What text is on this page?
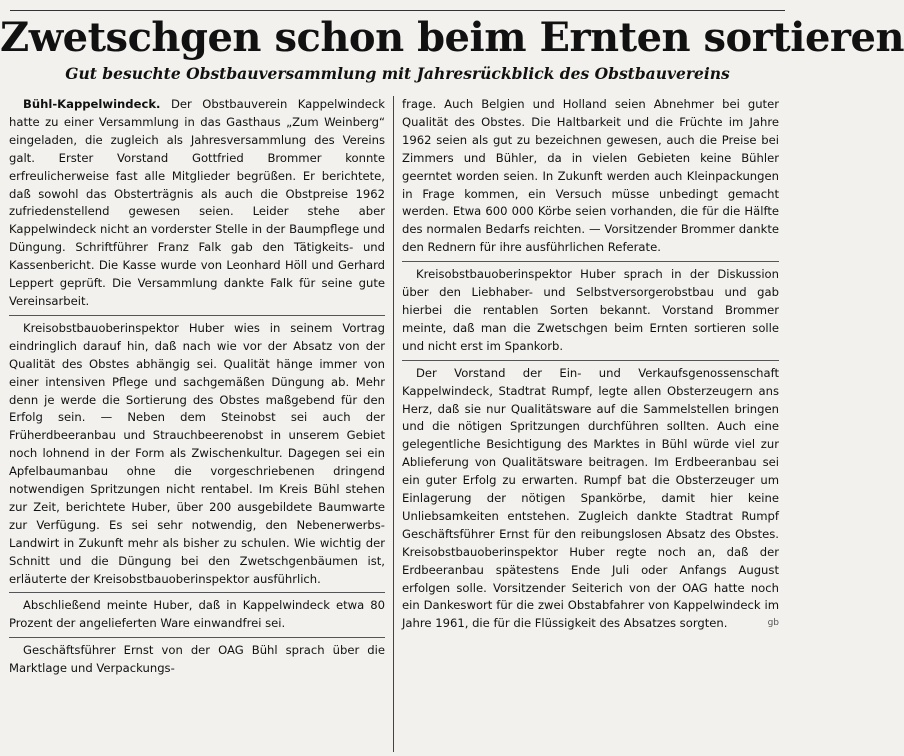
Zwetschgen schon beim Ernten sortieren
Gut besuchte Obstbauversammlung mit Jahresrückblick des Obstbauvereins

Bühl-Kappelwindeck. Der Obstbauverein Kappelwindeck hatte zu einer Versammlung in das Gasthaus „Zum Weinberg“ eingeladen, die zugleich als Jahresversammlung des Vereins galt. Erster Vorstand Gottfried Brommer konnte erfreulicherweise fast alle Mitglieder begrüßen. Er berichtete, daß sowohl das Obsterträgnis als auch die Obstpreise 1962 zufriedenstellend gewesen seien. Leider stehe aber Kappelwindeck nicht an vorderster Stelle in der Baumpflege und Düngung. Schriftführer Franz Falk gab den Tätigkeits- und Kassenbericht. Die Kasse wurde von Leonhard Höll und Gerhard Leppert geprüft. Die Versammlung dankte Falk für seine gute Vereinsarbeit.

Kreisobstbauoberinspektor Huber wies in seinem Vortrag eindringlich darauf hin, daß nach wie vor der Absatz von der Qualität des Obstes abhängig sei. Qualität hänge immer von einer intensiven Pflege und sachgemäßen Düngung ab. Mehr denn je werde die Sortierung des Obstes maßgebend für den Erfolg sein. — Neben dem Steinobst sei auch der Früherdbeeranbau und Strauchbeerenobst in unserem Gebiet noch lohnend in der Form als Zwischenkultur. Dagegen sei ein Apfelbaumanbau ohne die vorgeschriebenen dringend notwendigen Spritzungen nicht rentabel. Im Kreis Bühl stehen zur Zeit, berichtete Huber, über 200 ausgebildete Baumwarte zur Verfügung. Es sei sehr notwendig, den Nebenerwerbs-Landwirt in Zukunft mehr als bisher zu schulen. Wie wichtig der Schnitt und die Düngung bei den Zwetschgenbäumen ist, erläuterte der Kreisobstbauoberinspektor ausführlich.

Abschließend meinte Huber, daß in Kappelwindeck etwa 80 Prozent der angelieferten Ware einwandfrei sei.

Geschäftsführer Ernst von der OAG Bühl sprach über die Marktlage und Verpackungs-

frage. Auch Belgien und Holland seien Abnehmer bei guter Qualität des Obstes. Die Haltbarkeit und die Früchte im Jahre 1962 seien als gut zu bezeichnen gewesen, auch die Preise bei Zimmers und Bühler, da in vielen Gebieten keine Bühler geerntet worden seien. In Zukunft werden auch Kleinpackungen in Frage kommen, ein Versuch müsse unbedingt gemacht werden. Etwa 600 000 Körbe seien vorhanden, die für die Hälfte des normalen Bedarfs reichten. — Vorsitzender Brommer dankte den Rednern für ihre ausführlichen Referate.

Kreisobstbauoberinspektor Huber sprach in der Diskussion über den Liebhaber- und Selbstversorgerobstbau und gab hierbei die rentablen Sorten bekannt. Vorstand Brommer meinte, daß man die Zwetschgen beim Ernten sortieren solle und nicht erst im Spankorb.

Der Vorstand der Ein- und Verkaufsgenossenschaft Kappelwindeck, Stadtrat Rumpf, legte allen Obsterzeugern ans Herz, daß sie nur Qualitätsware auf die Sammelstellen bringen und die nötigen Spritzungen durchführen sollten. Auch eine gelegentliche Besichtigung des Marktes in Bühl würde viel zur Ablieferung von Qualitätsware beitragen. Im Erdbeeranbau sei ein guter Erfolg zu erwarten. Rumpf bat die Obsterzeuger um Einlagerung der nötigen Spankörbe, damit hier keine Unliebsamkeiten entstehen. Zugleich dankte Stadtrat Rumpf Geschäftsführer Ernst für den reibungslosen Absatz des Obstes. Kreisobstbauoberinspektor Huber regte noch an, daß der Erdbeeranbau spätestens Ende Juli oder Anfangs August erfolgen solle. Vorsitzender Seiterich von der OAG hatte noch ein Dankeswort für die zwei Obstabfahrer von Kappelwindeck im Jahre 1961, die für die Flüssigkeit des Absatzes sorgten.	gb
